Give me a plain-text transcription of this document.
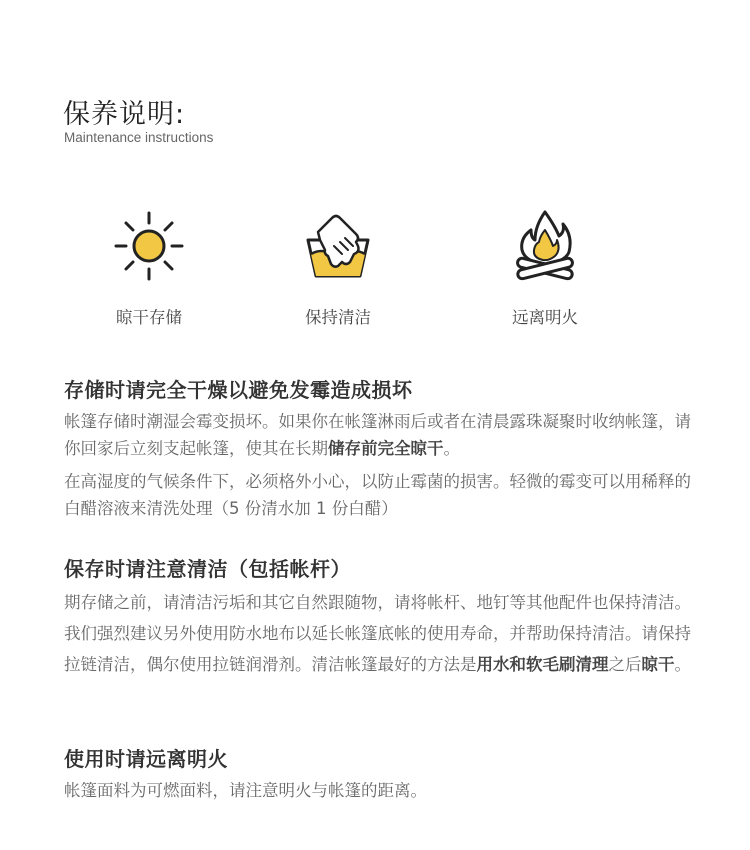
保养说明:
Maintenance instructions
晾干存储	保持清洁	远离明火
存储时请完全干燥以避免发霉造成损坏

帐篷存储时潮湿会霉变损坏。如果你在帐篷淋雨后或者在清晨露珠凝聚时收纳帐篷，请你回家后立刻支起帐篷，使其在长期储存前完全晾干。

在高湿度的气候条件下，必须格外小心，以防止霉菌的损害。轻微的霉变可以用稀释的白醋溶液来清洗处理（5 份清水加 1 份白醋）

保存时请注意清洁（包括帐杆）

期存储之前，请清洁污垢和其它自然跟随物，请将帐杆、地钉等其他配件也保持清洁。我们强烈建议另外使用防水地布以延长帐篷底帐的使用寿命，并帮助保持清洁。请保持拉链清洁，偶尔使用拉链润滑剂。清洁帐篷最好的方法是用水和软毛刷清理之后晾干。

使用时请远离明火

帐篷面料为可燃面料，请注意明火与帐篷的距离。
